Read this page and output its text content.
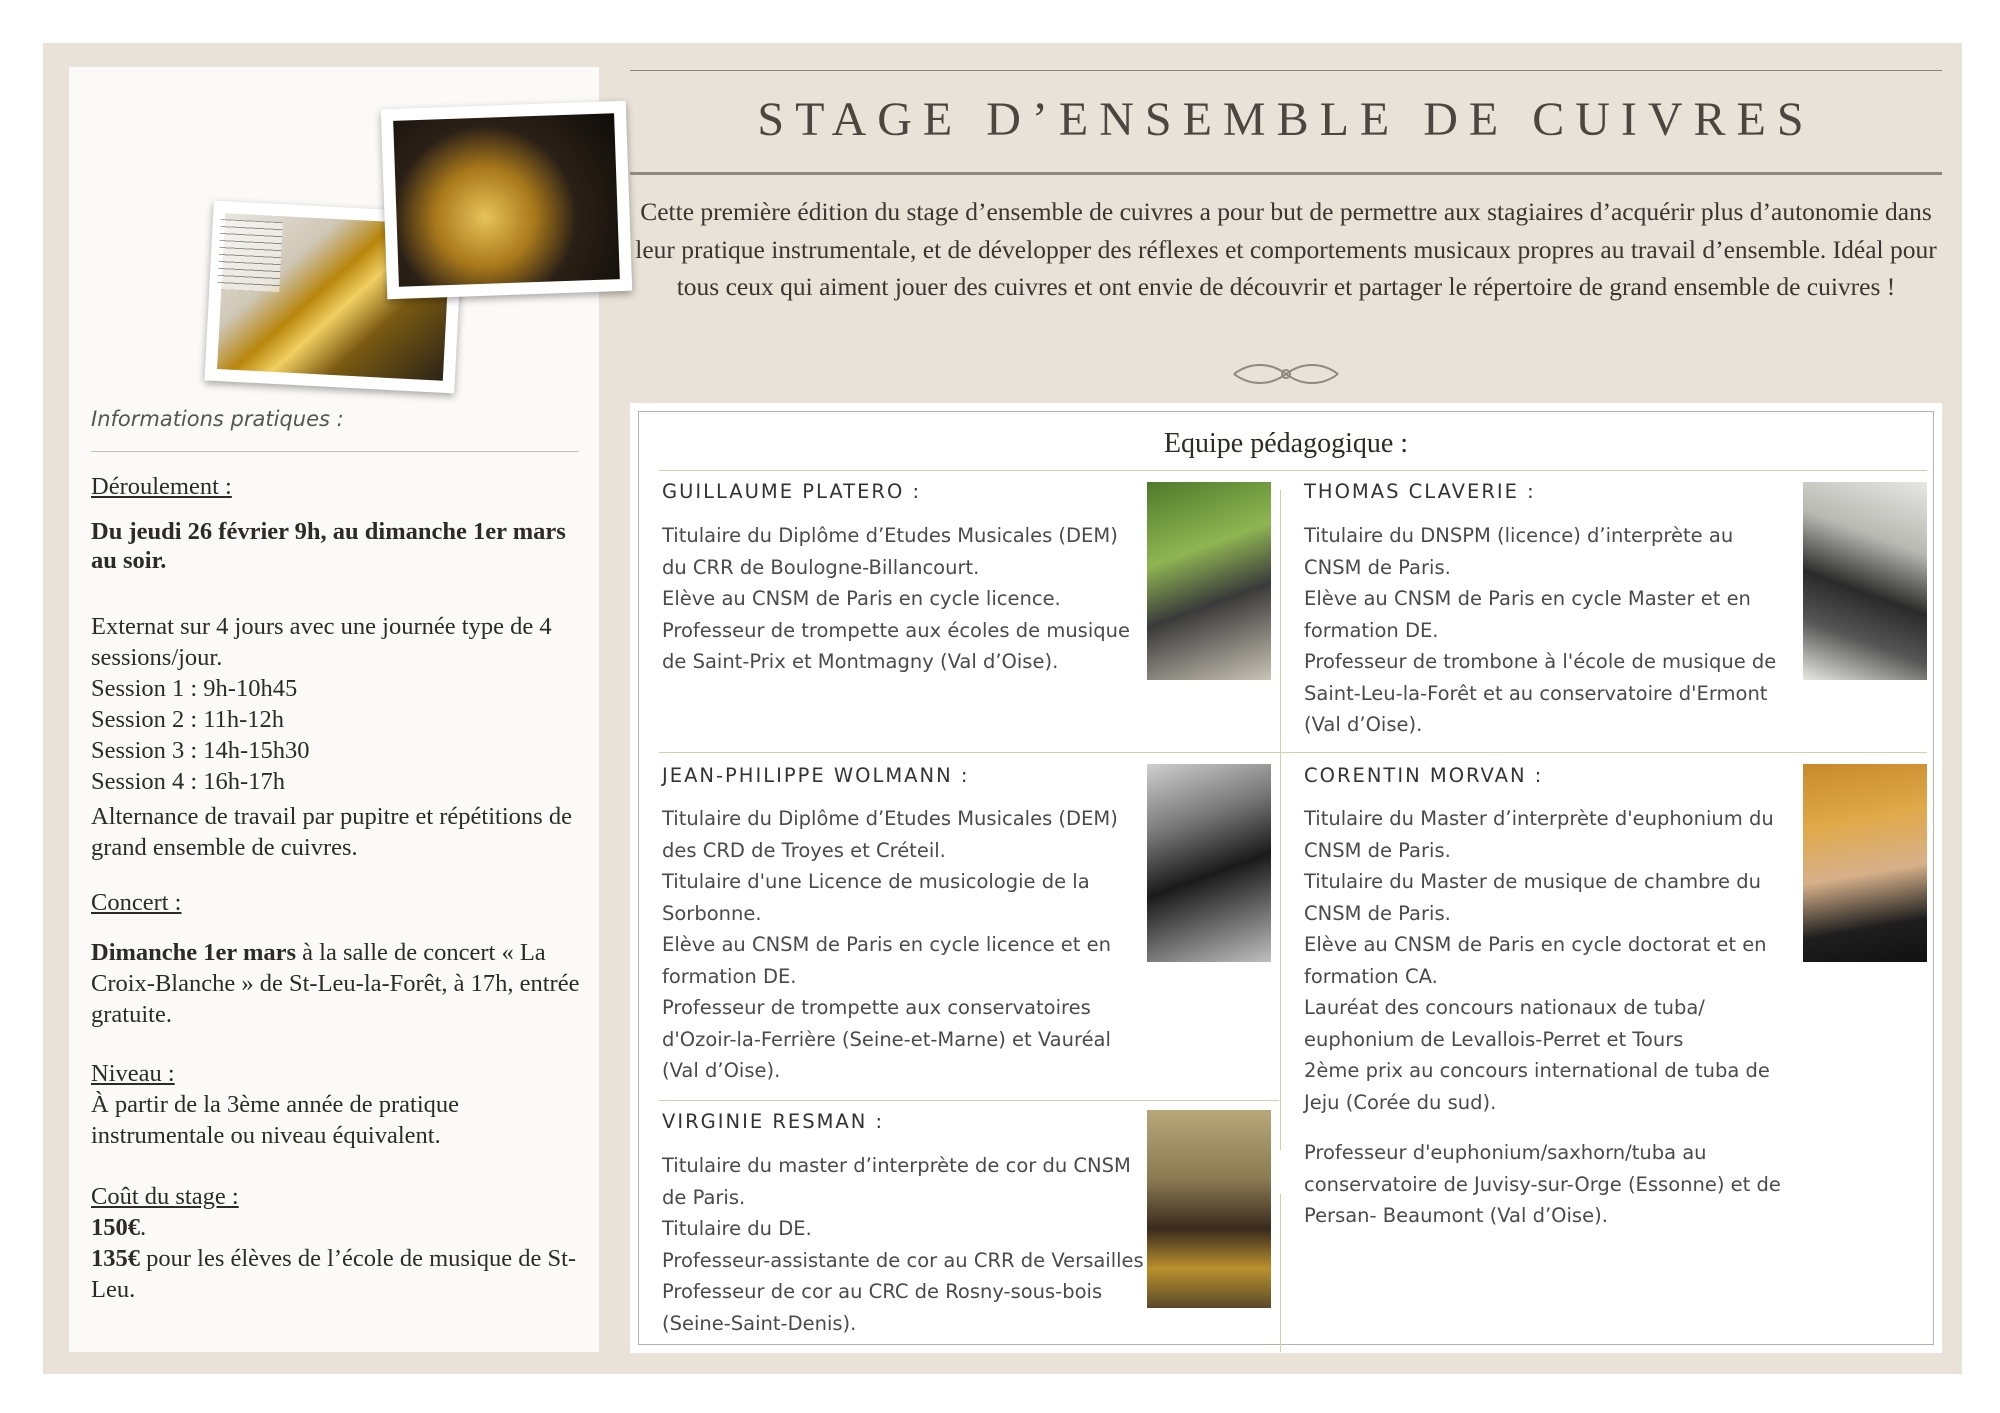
Informations pratiques :
Déroulement :
Du jeudi 26 février 9h, au dimanche 1er mars au soir.
Externat sur 4 jours avec une journée type de 4 sessions/jour.
Session 1 : 9h-10h45
Session 2 : 11h-12h
Session 3 : 14h-15h30
Session 4 : 16h-17h
Alternance de travail par pupitre et répétitions de grand ensemble de cuivres.
Concert :
Dimanche 1er mars à la salle de concert « La Croix-Blanche » de St-Leu-la-Forêt, à 17h, entrée gratuite.
Niveau :
À partir de la 3ème année de pratique instrumentale ou niveau équivalent.
Coût du stage :
150€.
135€ pour les élèves de l’école de musique de St-Leu.
STAGE D’ENSEMBLE DE CUIVRES
Cette première édition du stage d’ensemble de cuivres a pour but de permettre aux stagiaires d’acquérir plus d’autonomie dans leur pratique instrumentale, et de développer des réflexes et comportements musicaux propres au travail d’ensemble. Idéal pour tous ceux qui aiment jouer des cuivres et ont envie de découvrir et partager le répertoire de grand ensemble de cuivres !
Equipe pédagogique :
GUILLAUME PLATERO :
Titulaire du Diplôme d’Etudes Musicales (DEM)
du CRR de Boulogne-Billancourt.
Elève au CNSM de Paris en cycle licence.
Professeur de trompette aux écoles de musique
de Saint-Prix et Montmagny (Val d’Oise).
THOMAS CLAVERIE :
Titulaire du DNSPM (licence) d’interprète au
CNSM de Paris.
Elève au CNSM de Paris en cycle Master et en
formation DE.
Professeur de trombone à l'école de musique de
Saint-Leu-la-Forêt et au conservatoire d'Ermont
(Val d’Oise).
JEAN-PHILIPPE WOLMANN :
Titulaire du Diplôme d’Etudes Musicales (DEM)
des CRD de Troyes et Créteil.
Titulaire d'une Licence de musicologie de la
Sorbonne.
Elève au CNSM de Paris en cycle licence et en
formation DE.
Professeur de trompette aux conservatoires
d'Ozoir-la-Ferrière (Seine-et-Marne) et Vauréal
(Val d’Oise).
CORENTIN MORVAN :
Titulaire du Master d’interprète d'euphonium du
CNSM de Paris.
Titulaire du Master de musique de chambre du
CNSM de Paris.
Elève au CNSM de Paris en cycle doctorat et en
formation CA.
Lauréat des concours nationaux de tuba/
euphonium de Levallois-Perret et Tours
2ème prix au concours international de tuba de
Jeju (Corée du sud).
Professeur d'euphonium/saxhorn/tuba au
conservatoire de Juvisy-sur-Orge (Essonne) et de
Persan- Beaumont (Val d’Oise).
VIRGINIE RESMAN :
Titulaire du master d’interprète de cor du CNSM
de Paris.
Titulaire du DE.
Professeur-assistante de cor au CRR de Versailles
Professeur de cor au CRC de Rosny-sous-bois
(Seine-Saint-Denis).
